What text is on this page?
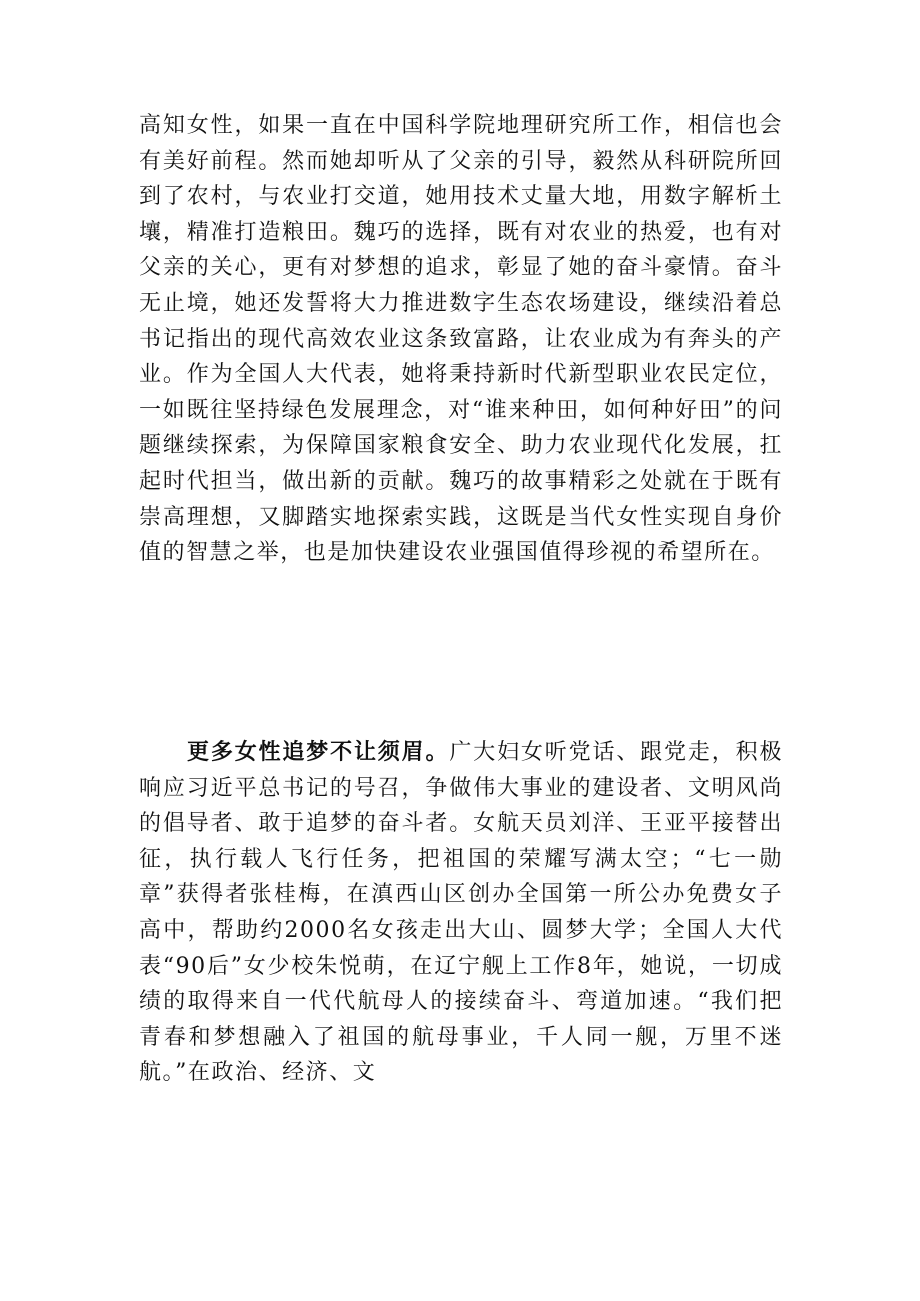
高知女性，如果一直在中国科学院地理研究所工作，相信也会有美好前程。然而她却听从了父亲的引导，毅然从科研院所回到了农村，与农业打交道，她用技术丈量大地，用数字解析土壤，精准打造粮田。魏巧的选择，既有对农业的热爱，也有对父亲的关心，更有对梦想的追求，彰显了她的奋斗豪情。奋斗无止境，她还发誓将大力推进数字生态农场建设，继续沿着总书记指出的现代高效农业这条致富路，让农业成为有奔头的产业。作为全国人大代表，她将秉持新时代新型职业农民定位，一如既往坚持绿色发展理念，对“谁来种田，如何种好田”的问题继续探索，为保障国家粮食安全、助力农业现代化发展，扛起时代担当，做出新的贡献。魏巧的故事精彩之处就在于既有崇高理想，又脚踏实地探索实践，这既是当代女性实现自身价值的智慧之举，也是加快建设农业强国值得珍视的希望所在。

更多女性追梦不让须眉。广大妇女听党话、跟党走，积极响应习近平总书记的号召，争做伟大事业的建设者、文明风尚的倡导者、敢于追梦的奋斗者。女航天员刘洋、王亚平接替出征，执行载人飞行任务，把祖国的荣耀写满太空；“七一勋章”获得者张桂梅，在滇西山区创办全国第一所公办免费女子高中，帮助约2000名女孩走出大山、圆梦大学；全国人大代表“90后”女少校朱悦萌，在辽宁舰上工作8年，她说，一切成绩的取得来自一代代航母人的接续奋斗、弯道加速。“我们把青春和梦想融入了祖国的航母事业，千人同一舰，万里不迷航。”在政治、经济、文
